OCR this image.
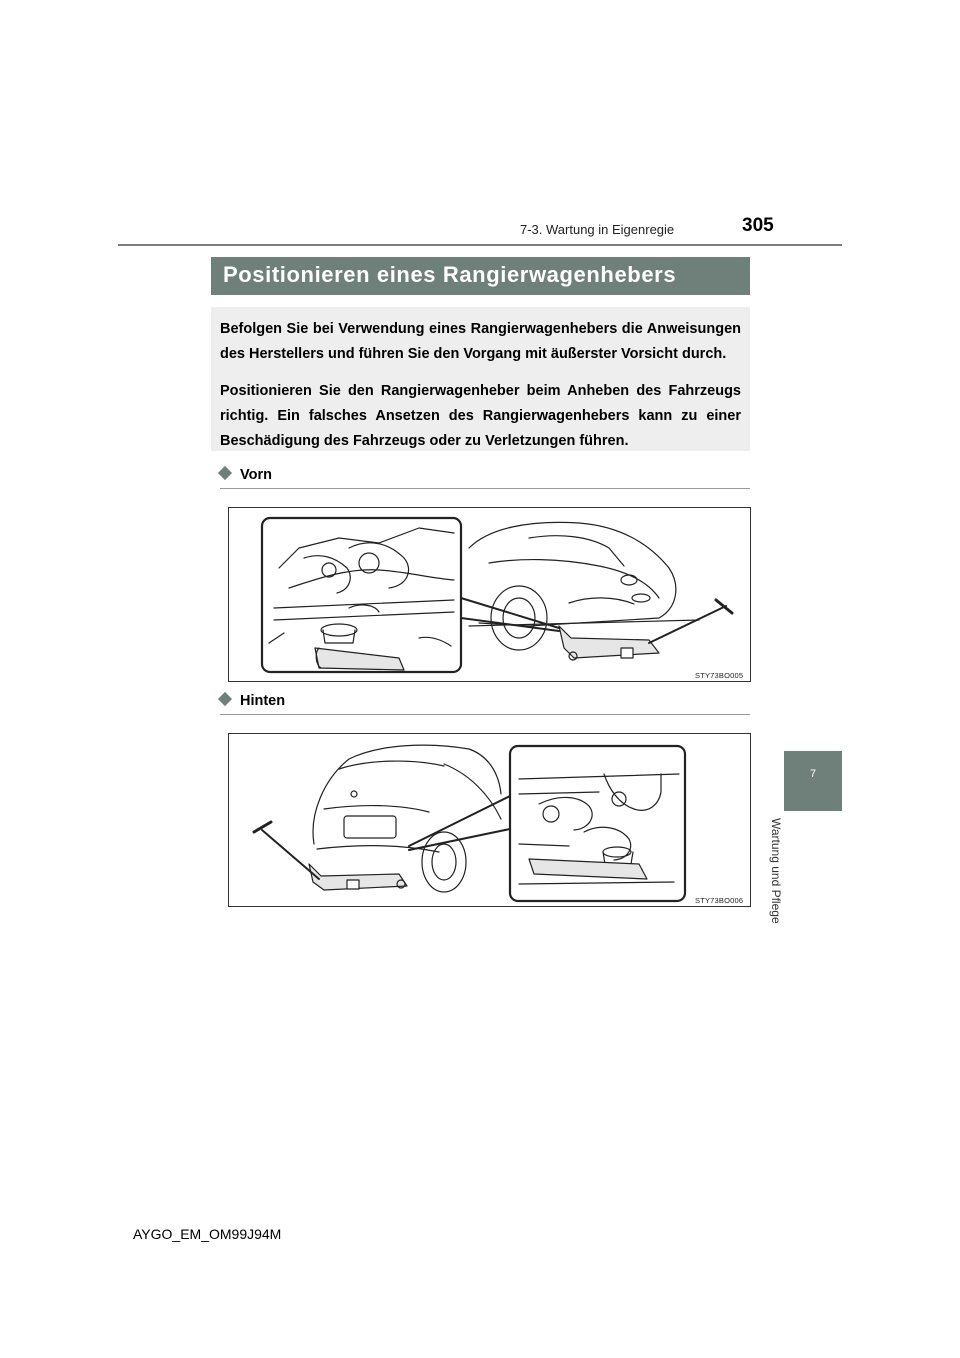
7-3. Wartung in Eigenregie	305
7
Wartung und Pflege
Positionieren eines Rangierwagenhebers
Befolgen Sie bei Verwendung eines Rangierwagenhebers die Anweisungen des Herstellers und führen Sie den Vorgang mit äußerster Vorsicht durch.
Positionieren Sie den Rangierwagenheber beim Anheben des Fahrzeugs richtig. Ein falsches Ansetzen des Rangierwagenhebers kann zu einer Beschädigung des Fahrzeugs oder zu Verletzungen führen.
Vorn
STY73BO005
Hinten
STY73BO006
AYGO_EM_OM99J94M
